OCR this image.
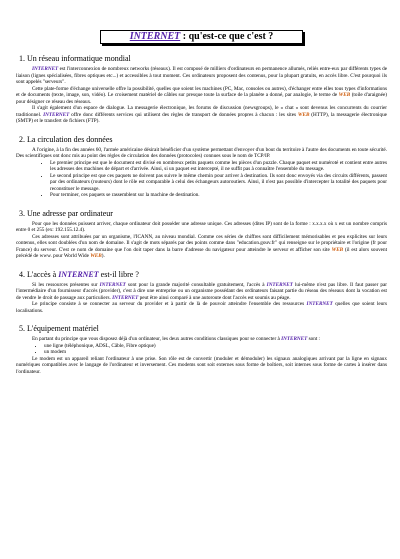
INTERNET : qu'est-ce que c'est ?
1. Un réseau informatique mondial

INTERNET est l'interconnexion de nombreux networks (réseaux). Il est composé de milliers d'ordinateurs en permanence allumés, reliés entre-eux par différents types de liaison (lignes spécialisées, fibres optiques etc...) et accessibles à tout moment. Ces ordinateurs proposent des contenus, pour la plupart gratuits, en accès libre. C'est pourquoi ils sont appelés "serveurs".

Cette plate-forme d'échange universelle offre la possibilité, quelles que soient les machines (PC, Mac, consoles ou autres), d'échanger entre elles tous types d'informations et de documents (texte, image, son, vidéo). Le croisement matériel de câbles sur presque toute la surface de la planète a donné, par analogie, le terme de WEB (toile d'araignée) pour désigner ce réseau des réseaux.

Il s'agit également d'un espace de dialogue. La messagerie électronique, les forums de discussion (newsgroups), le « chat » sont devenus les concurrents du courrier traditionnel. INTERNET offre donc différents services qui utilisent des règles de transport de données propres à chacun : les sites WEB (HTTP), la messagerie électronique (SMTP) et le transfert de fichiers (FTP).

2. La circulation des données

A l'origine, à la fin des années 60, l'armée américaine désirait bénéficier d'un système permettant d'envoyer d'un bout du territoire à l'autre des documents en toute sécurité. Des scientifiques ont donc mis au point des règles de circulation des données (protocoles) connues sous le nom de TCP/IP.

• Le premier principe est que le document est divisé en nombreux petits paquets comme les pièces d'un puzzle. Chaque paquet est numéroté et contient entre autres les adresses des machines de départ et d'arrivée. Ainsi, si un paquet est intercepté, il ne suffit pas à connaître l'ensemble du message.
• Le second principe est que ces paquets ne doivent pas suivre le même chemin pour arriver à destination. Ils sont donc envoyés via des circuits différents, passent par des ordinateurs (routeurs) dont le rôle est comparable à celui des échangeurs autoroutiers. Ainsi, il n'est pas possible d'intercepter la totalité des paquets pour reconstituer le message.
• Pour terminer, ces paquets se rassemblent sur la machine de destination.
3. Une adresse par ordinateur

Pour que les données puissent arriver, chaque ordinateur doit posséder une adresse unique. Ces adresses (dites IP) sont de la forme : x.x.x.x où x est un nombre compris entre 0 et 255 (ex: 192.155.12.4).

Ces adresses sont attribuées par un organisme, l'ICANN, au niveau mondial. Comme ces séries de chiffres sont difficilement mémorisables et peu explicites sur leurs contenus, elles sont doublées d'un nom de domaine. Il s'agit de mots séparés par des points comme dans "education.gouv.fr" qui renseigne sur le propriétaire et l'origine (fr pour France) du serveur. C'est ce nom de domaine que l'on doit taper dans la barre d'adresse du navigateur pour atteindre le serveur et afficher son site WEB (il est alors souvent précédé de www. pour World Wide WEB).

4. L'accès à INTERNET est-il libre ?

Si les ressources présentes sur INTERNET sont pour la grande majorité consultable gratuitement, l'accès à INTERNET lui-même n'est pas libre. Il faut passer par l'intermédiaire d'un fournisseur d'accès (provider), c'est à dire une entreprise ou un organisme possédant des ordinateurs faisant partie du réseau des réseaux dont la vocation est de vendre le droit de passage aux particuliers. INTERNET peut être ainsi comparé à une autoroute dont l'accès est soumis au péage.

Le principe consiste à se connecter au serveur du provider et à partir de là de pouvoir atteindre l'ensemble des ressources INTERNET quelles que soient leurs localisations.

5. L'équipement matériel

En partant du principe que vous disposez déjà d'un ordinateur, les deux autres conditions classiques pour se connecter à INTERNET sont :

• une ligne (téléphonique, ADSL, Câble, Fibre optique)
• un modem

Le modem est un appareil reliant l'ordinateur à une prise. Son rôle est de convertir (moduler et démoduler) les signaux analogiques arrivant par la ligne en signaux numériques compatibles avec le langage de l'ordinateur et inversement. Ces modems sont soit externes sous forme de boîtiers, soit internes sous forme de cartes à insérer dans l'ordinateur.
